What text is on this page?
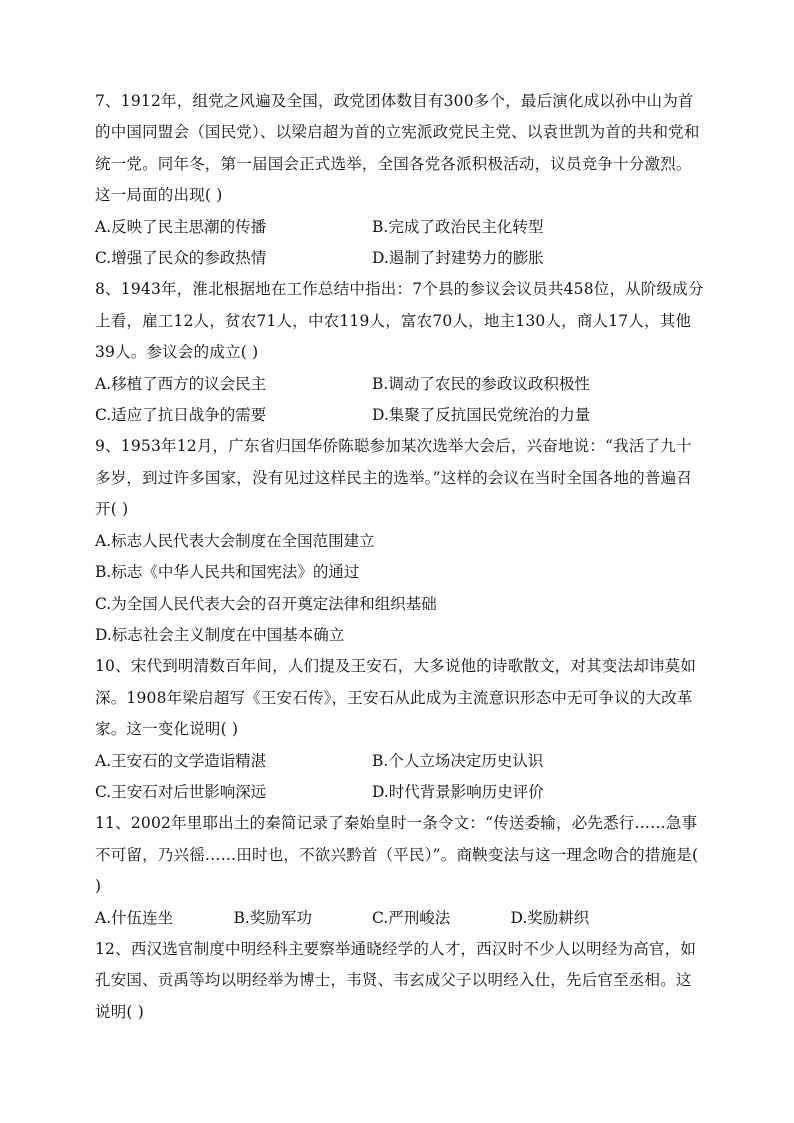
7、1912年，组党之风遍及全国，政党团体数目有300多个，最后演化成以孙中山为首的中国同盟会（国民党）、以梁启超为首的立宪派政党民主党、以袁世凯为首的共和党和统一党。同年冬，第一届国会正式选举，全国各党各派积极活动，议员竞争十分激烈。这一局面的出现( )

A.反映了民主思潮的传播	B.完成了政治民主化转型
C.增强了民众的参政热情	D.遏制了封建势力的膨胀

8、1943年，淮北根据地在工作总结中指出：7个县的参议会议员共458位，从阶级成分上看，雇工12人，贫农71人，中农119人，富农70人，地主130人，商人17人，其他39人。参议会的成立( )

A.移植了西方的议会民主	B.调动了农民的参政议政积极性
C.适应了抗日战争的需要	D.集聚了反抗国民党统治的力量

9、1953年12月，广东省归国华侨陈聪参加某次选举大会后，兴奋地说：“我活了九十多岁，到过许多国家，没有见过这样民主的选举。”这样的会议在当时全国各地的普遍召开( )

A.标志人民代表大会制度在全国范围建立
B.标志《中华人民共和国宪法》的通过
C.为全国人民代表大会的召开奠定法律和组织基础
D.标志社会主义制度在中国基本确立

10、宋代到明清数百年间，人们提及王安石，大多说他的诗歌散文，对其变法却讳莫如深。1908年梁启超写《王安石传》，王安石从此成为主流意识形态中无可争议的大改革家。这一变化说明( )

A.王安石的文学造诣精湛	B.个人立场决定历史认识
C.王安石对后世影响深远	D.时代背景影响历史评价

11、2002年里耶出土的秦简记录了秦始皇时一条令文：“传送委输，必先悉行……急事不可留，乃兴徭……田时也，不欲兴黔首（平民）”。商鞅变法与这一理念吻合的措施是( )

A.什伍连坐	B.奖励军功	C.严刑峻法	D.奖励耕织

12、西汉选官制度中明经科主要察举通晓经学的人才，西汉时不少人以明经为高官，如孔安国、贡禹等均以明经举为博士，韦贤、韦玄成父子以明经入仕，先后官至丞相。这说明( )
